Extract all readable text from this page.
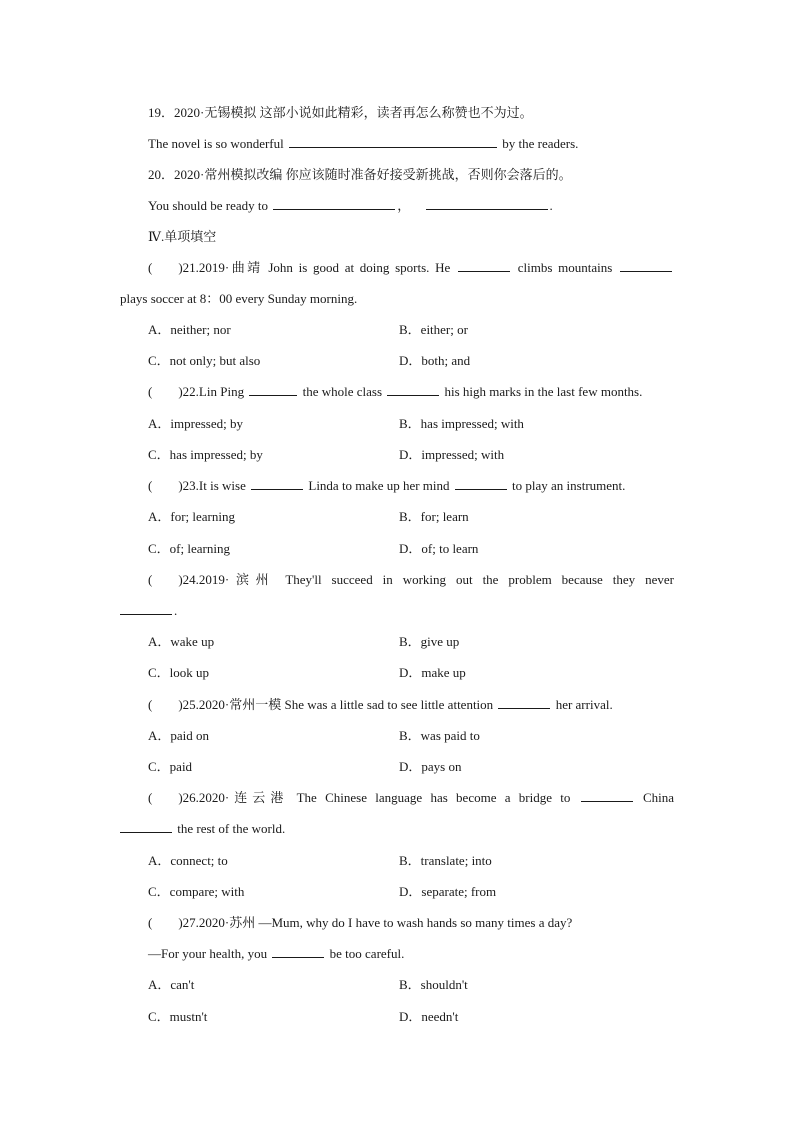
19．2020·无锡模拟 这部小说如此精彩，读者再怎么称赞也不为过。
The novel is so wonderful	by the readers.
20．2020·常州模拟改编 你应该随时准备好接受新挑战，否则你会落后的。
You should be ready to	，	.
Ⅳ.单项填空
(　　)21.2019·曲靖 John is good at doing sports. He	climbs mountains
plays soccer at 8：00 every Sunday morning.
A．neither; nor	B．either; or
C．not only; but also	D．both; and
(　　)22.Lin Ping	the whole class	his high marks in the last few months.
A．impressed; by	B．has impressed; with
C．has impressed; by	D．impressed; with
(　　)23.It is wise	Linda to make up her mind	to play an instrument.
A．for; learning	B．for; learn
C．of; learning	D．of; to learn
(　　)24.2019·滨州 They'll succeed in working out the problem because they never
.
A．wake up	B．give up
C．look up	D．make up
(　　)25.2020·常州一模 She was a little sad to see little attention	her arrival.
A．paid on	B．was paid to
C．paid	D．pays on
(　　)26.2020·连云港 The Chinese language has become a bridge to	China
the rest of the world.
A．connect; to	B．translate; into
C．compare; with	D．separate; from
(　　)27.2020·苏州 —Mum, why do I have to wash hands so many times a day?
—For your health, you	be too careful.
A．can't	B．shouldn't
C．mustn't	D．needn't
